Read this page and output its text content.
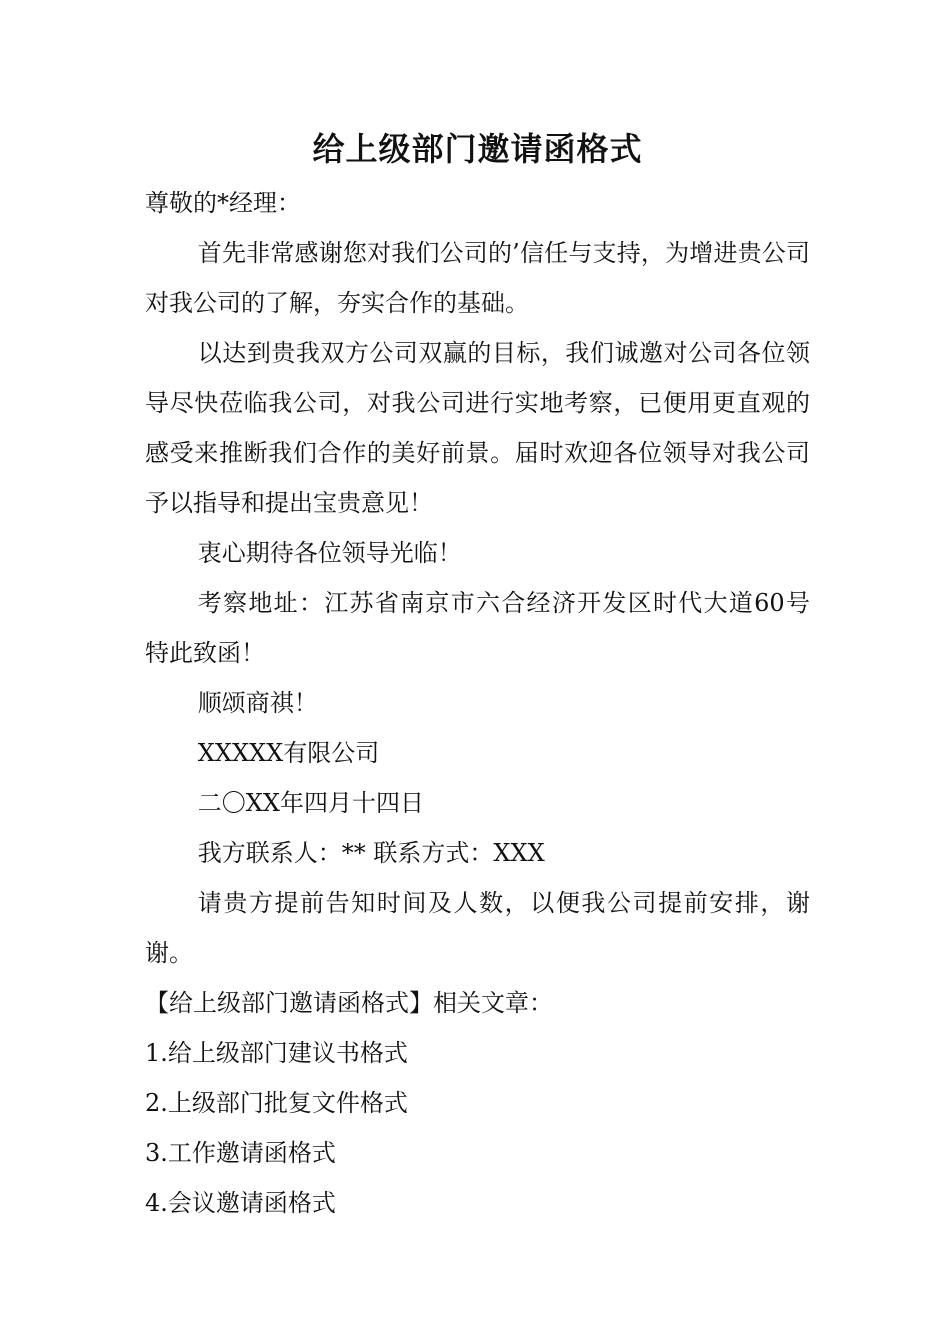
给上级部门邀请函格式

尊敬的*经理：

首先非常感谢您对我们公司的’信任与支持，为增进贵公司对我公司的了解，夯实合作的基础。

以达到贵我双方公司双赢的目标，我们诚邀对公司各位领导尽快莅临我公司，对我公司进行实地考察，已便用更直观的感受来推断我们合作的美好前景。届时欢迎各位领导对我公司予以指导和提出宝贵意见！

衷心期待各位领导光临！

考察地址：江苏省南京市六合经济开发区时代大道60号 特此致函！

顺颂商祺！

XXXXX有限公司

二〇XX年四月十四日

我方联系人：** 联系方式：XXX

请贵方提前告知时间及人数，以便我公司提前安排，谢谢。

【给上级部门邀请函格式】相关文章：
1.给上级部门建议书格式
2.上级部门批复文件格式
3.工作邀请函格式
4.会议邀请函格式
